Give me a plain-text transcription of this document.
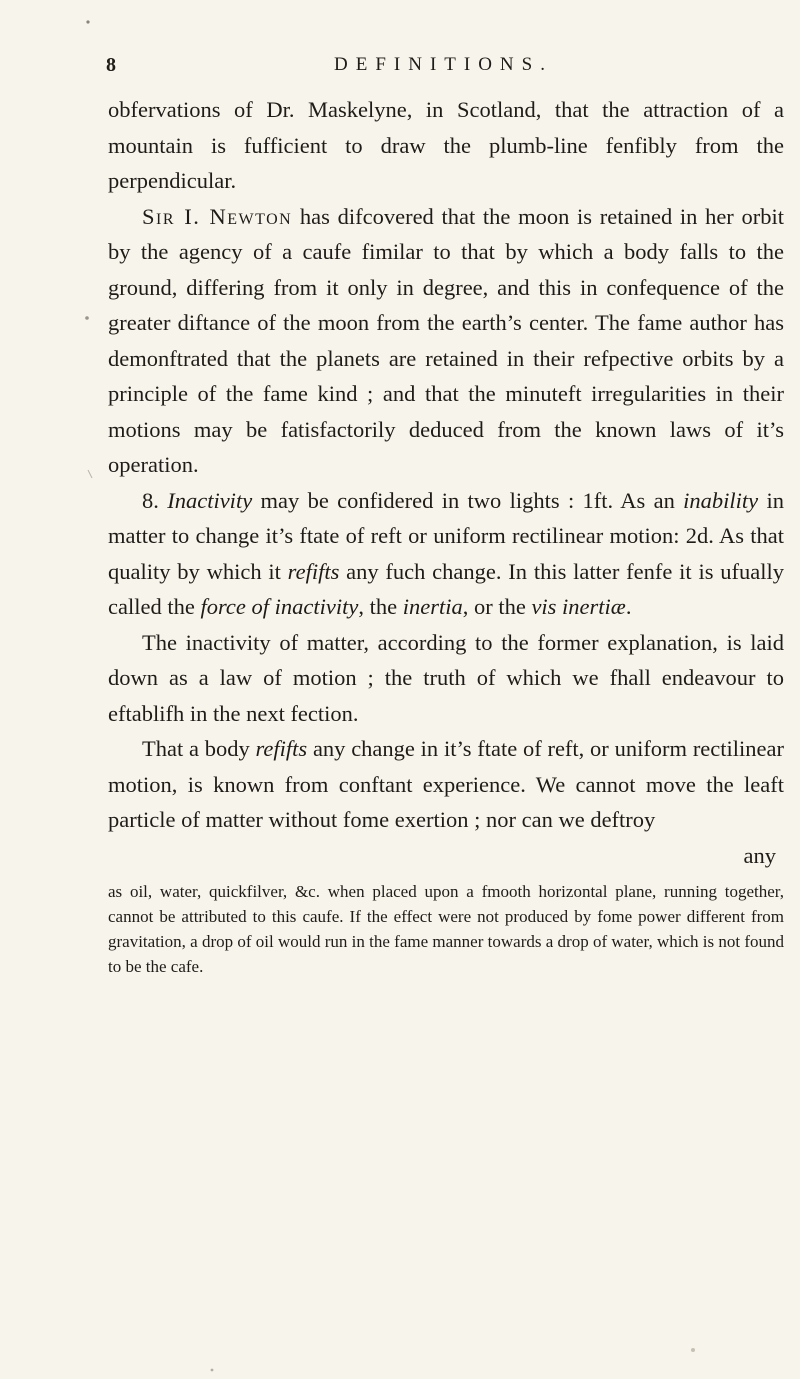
8	DEFINITIONS.

obfervations of Dr. Maskelyne, in Scotland, that the attraction of a mountain is fufficient to draw the plumb-line fenfibly from the perpendicular.

Sir I. Newton has difcovered that the moon is retained in her orbit by the agency of a caufe fimilar to that by which a body falls to the ground, differing from it only in degree, and this in confequence of the greater diftance of the moon from the earth’s center. The fame author has demonftrated that the planets are retained in their refpective orbits by a principle of the fame kind ; and that the minuteft irregularities in their motions may be fatisfactorily deduced from the known laws of it’s operation.

8. Inactivity may be confidered in two lights : 1ft. As an inability in matter to change it’s ftate of reft or uniform rectilinear motion: 2d. As that quality by which it refifts any fuch change. In this latter fenfe it is ufually called the force of inactivity, the inertia, or the vis inertiæ.

The inactivity of matter, according to the former explanation, is laid down as a law of motion ; the truth of which we fhall endeavour to eftablifh in the next fection.

That a body refifts any change in it’s ftate of reft, or uniform rectilinear motion, is known from conftant experience. We cannot move the leaft particle of matter without fome exertion ; nor can we deftroy

any

as oil, water, quickfilver, &c. when placed upon a fmooth horizontal plane, running together, cannot be attributed to this caufe. If the effect were not produced by fome power different from gravitation, a drop of oil would run in the fame manner towards a drop of water, which is not found to be the cafe.
